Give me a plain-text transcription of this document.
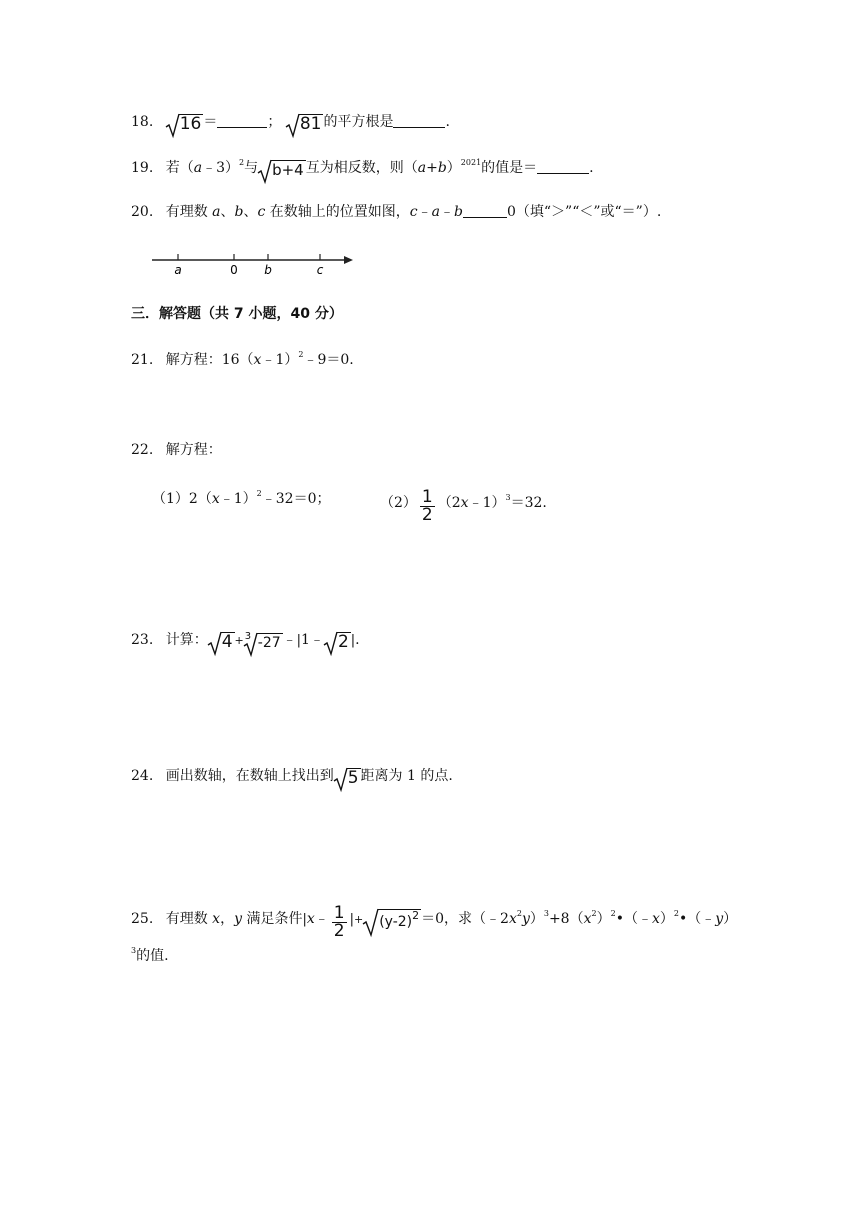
18. 16 ＝	； 81 的平方根是	.
19. 若（a﹣3）$^2$与 b+4 互为相反数，则$(a+b)^{2021}$的值是＝	.
20. 有理数 a、b、c 在数轴上的位置如图，c﹣a﹣b	0（填“＞”“＜”或“＝”）.
a	0 b	c
三．解答题（共 7 小题，40 分）
21. 解方程：16（x﹣1）$^2$﹣9＝0.
22. 解方程：
（1）2（x﹣1）$^2$﹣32＝0；	$(2) \frac{1}{2}$ （2x﹣1）$^3$＝32.
23. 计算： 4 + 3 -27 ﹣|1﹣ 2 |.
24. 画出数轴，在数轴上找出到 5 距离为 1 的点.
25. 有理数 x，y 满足条件|x﹣ $\frac{1}{2}$ |+ $(y-2)^2 =0$，求$(﹣2x^2y)^3+8(x^2)^2•(﹣x)^2•(﹣y)$
$^3$的值.
